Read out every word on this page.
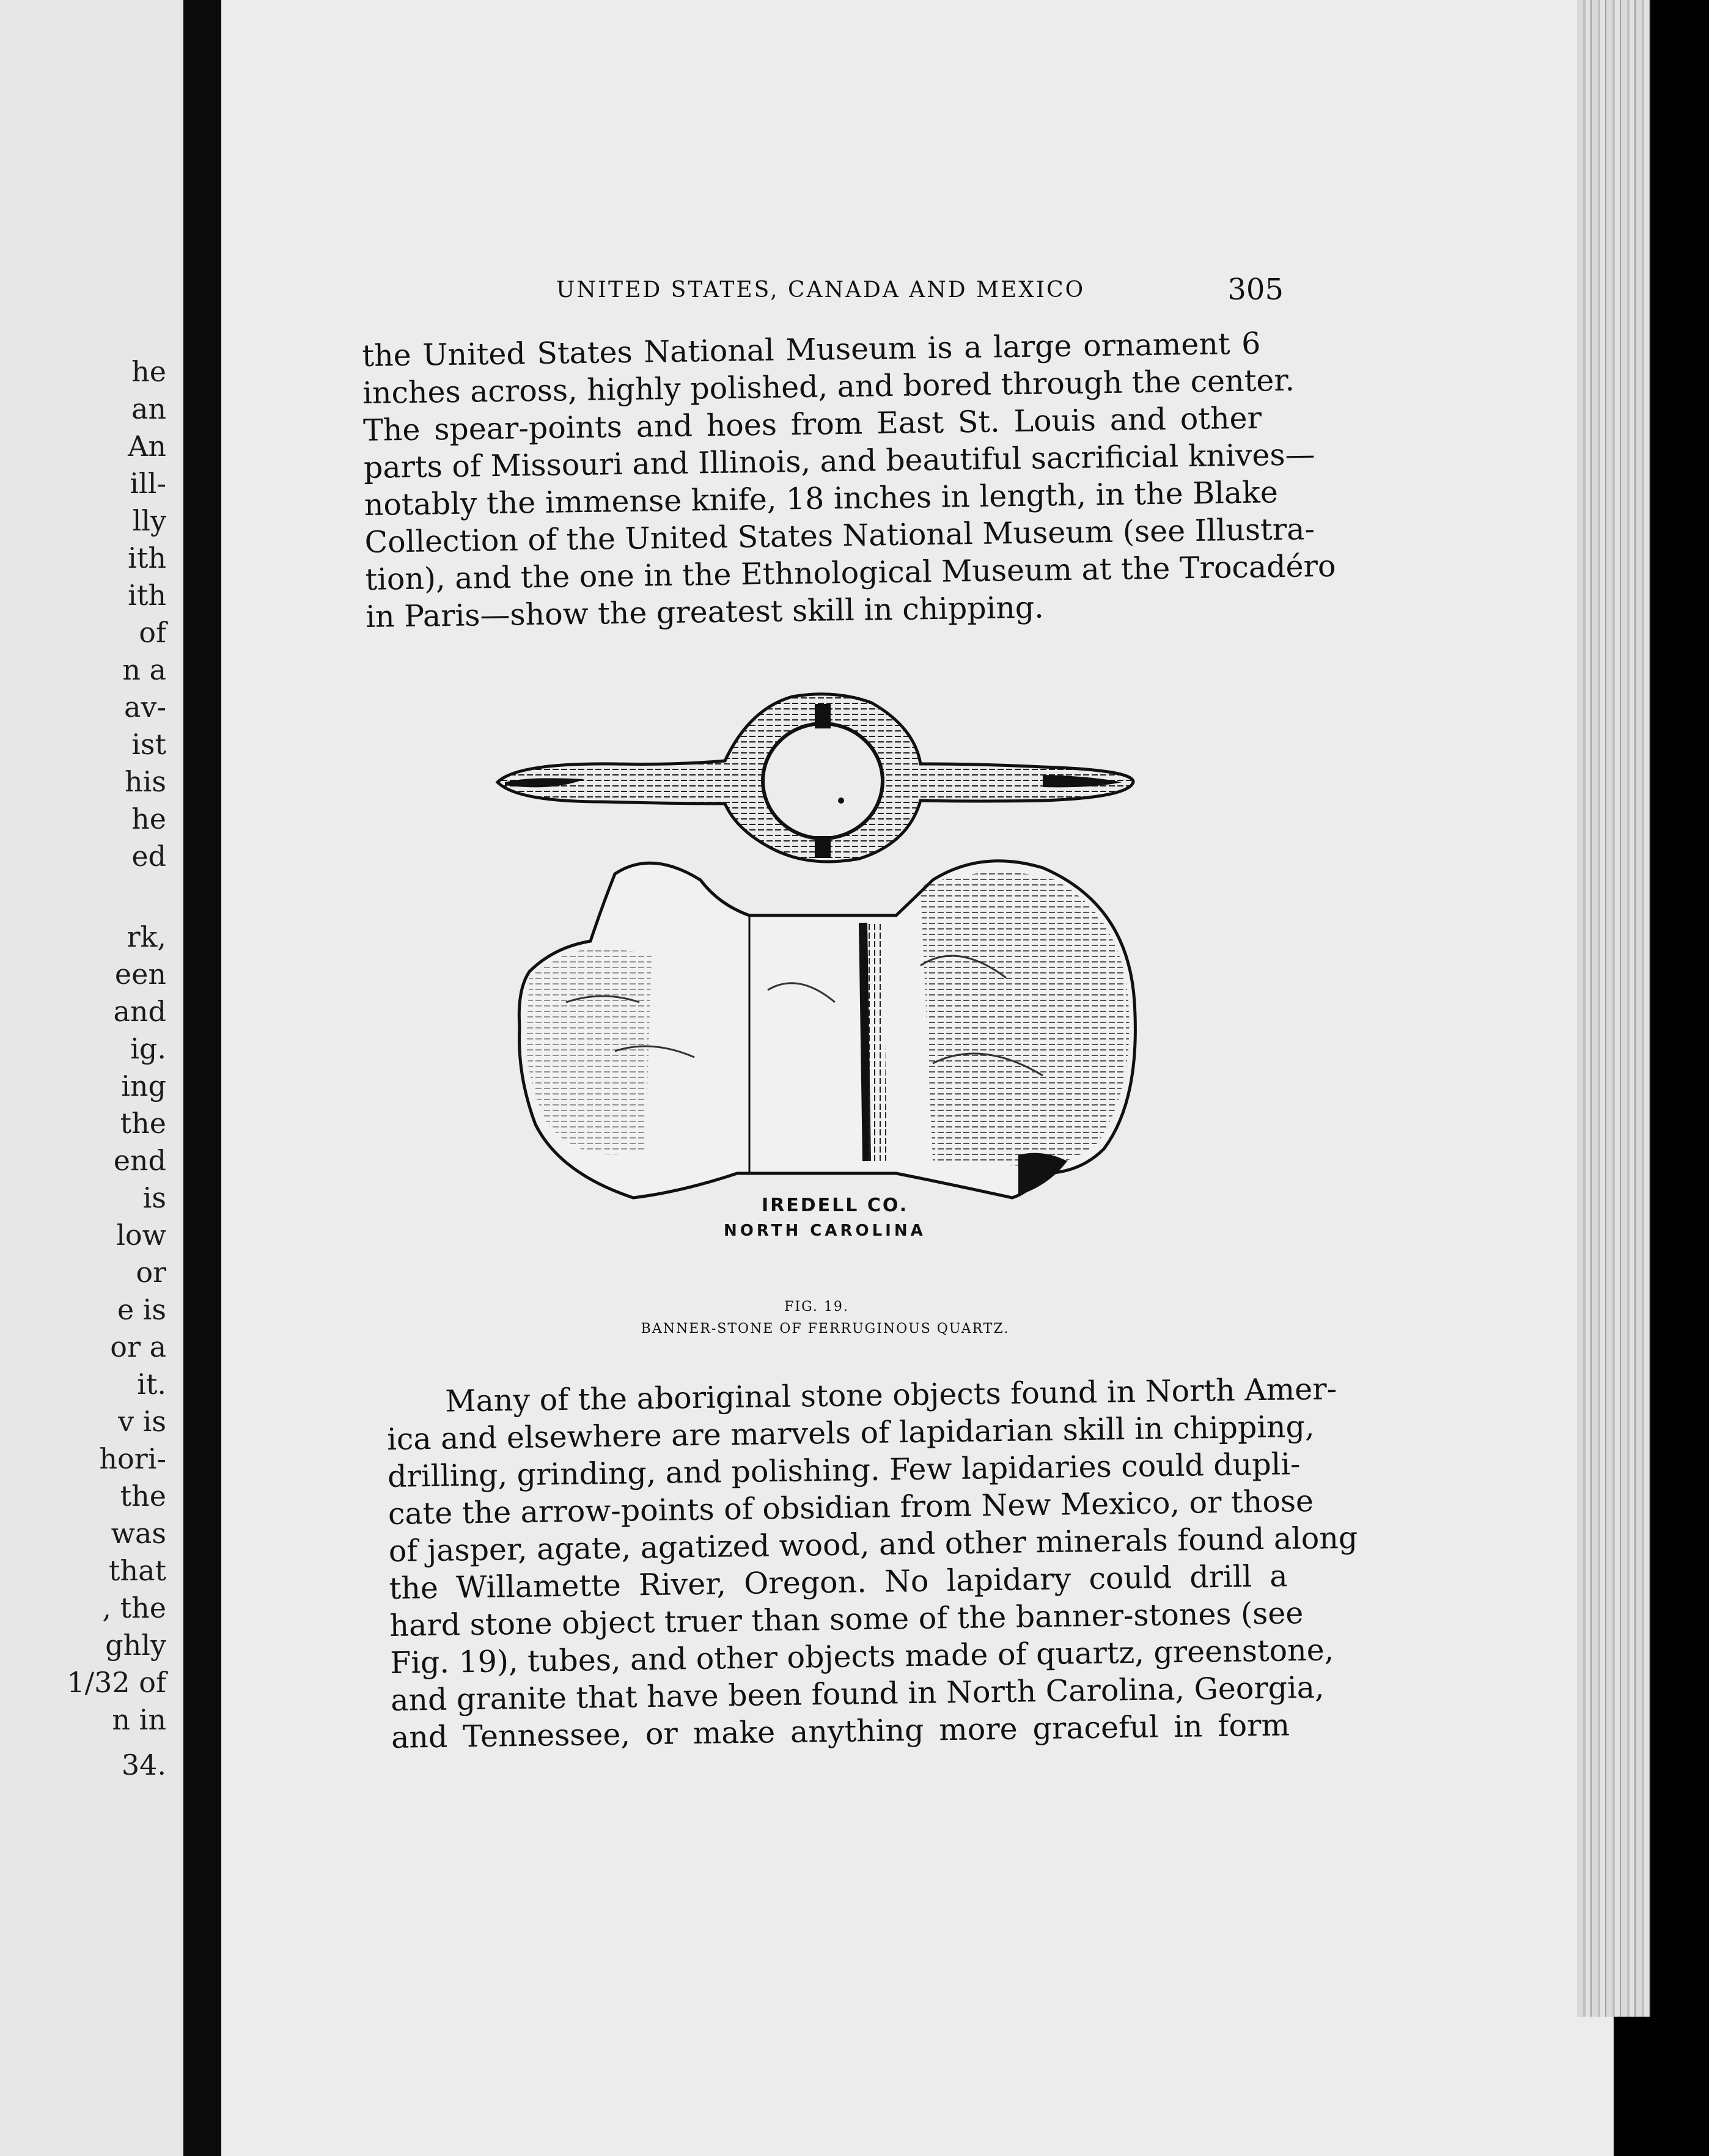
he
an
An
ill-
lly
ith
ith
of
n a
av-
ist
his
he
ed
rk,
een
and
ig.
ing
the
end
is
low
or
e is
or a
it.
v is
hori-
the
was
that
, the
ghly
1/32 of
n in
34.
UNITED STATES, CANADA AND MEXICO	305
the United States National Museum is a large ornament 6
inches across, highly polished, and bored through the center.
The spear-points and hoes from East St. Louis and other
parts of Missouri and Illinois, and beautiful sacrificial knives—
notably the immense knife, 18 inches in length, in the Blake
Collection of the United States National Museum (see Illustra-
tion), and the one in the Ethnological Museum at the Trocadéro
in Paris—show the greatest skill in chipping.
IREDELL CO.
NORTH CAROLINA
FIG. 19.
BANNER-STONE OF FERRUGINOUS QUARTZ.
Many of the aboriginal stone objects found in North Amer-
ica and elsewhere are marvels of lapidarian skill in chipping,
drilling, grinding, and polishing. Few lapidaries could dupli-
cate the arrow-points of obsidian from New Mexico, or those
of jasper, agate, agatized wood, and other minerals found along
the Willamette River, Oregon. No lapidary could drill a
hard stone object truer than some of the banner-stones (see
Fig. 19), tubes, and other objects made of quartz, greenstone,
and granite that have been found in North Carolina, Georgia,
and Tennessee, or make anything more graceful in form
